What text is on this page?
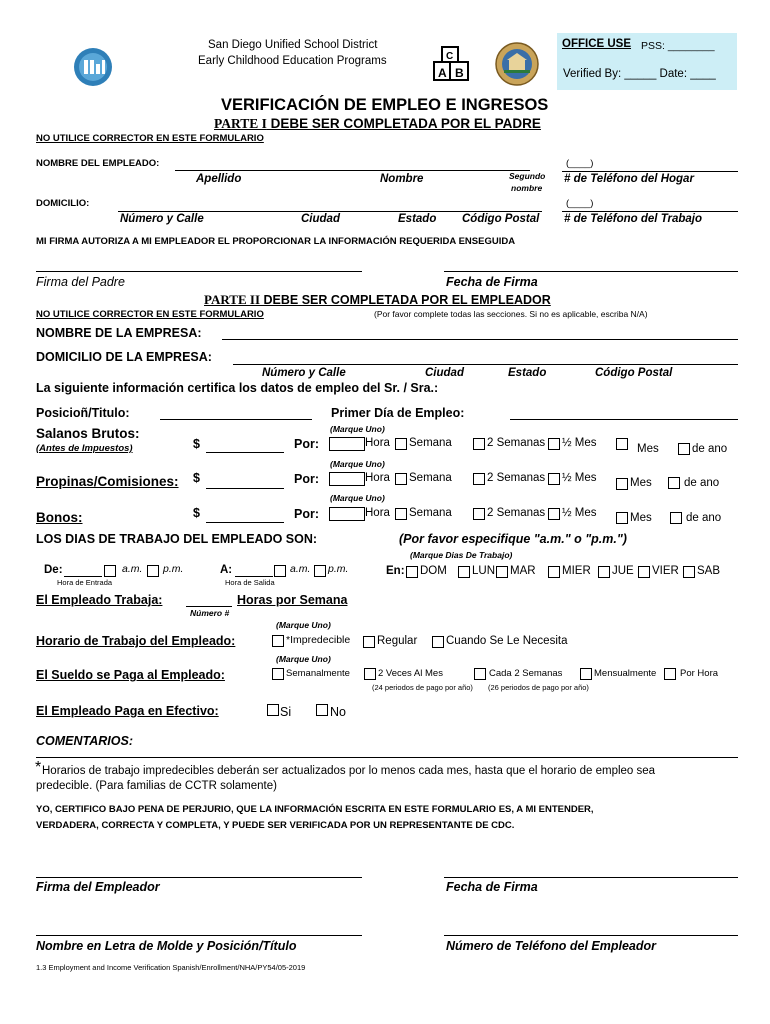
San Diego Unified School District
Early Childhood Education Programs
A B
C
OFFICE USE PSS: ________
Verified By: _____ Date: ____
VERIFICACIÓN DE EMPLEO E INGRESOS
PARTE I DEBE SER COMPLETADA POR EL PADRE
NO UTILICE CORRECTOR EN ESTE FORMULARIO
NOMBRE DEL EMPLEADO:	(____)
Apellido	Nombre	Segundo
nombre
# de Teléfono del Hogar
DOMICILIO:	(____)
Número y Calle	Ciudad	Estado Código Postal # de Teléfono del Trabajo
MI FIRMA AUTORIZA A MI EMPLEADOR EL PROPORCIONAR LA INFORMACIÓN REQUERIDA ENSEGUIDA
Firma del Padre	Fecha de Firma
PARTE II DEBE SER COMPLETADA POR EL EMPLEADOR
NO UTILICE CORRECTOR EN ESTE FORMULARIO	(Por favor complete todas las secciones. Si no es aplicable, escriba N/A)
NOMBRE DE LA EMPRESA:
DOMICILIO DE LA EMPRESA:
Número y Calle	Ciudad	Estado	Código Postal
La siguiente información certifica los datos de empleo del Sr. / Sra.:
Posicioñ/Titulo:	Primer Día de Empleo:
(Marque Uno)
Salanos Brutos:
(Antes de Impuestos)	$	Por:	Hora Semana	2 Semanas ½ Mes	Mes	de ano
(Marque Uno)
Propinas/Comisiones: $	Por:	Hora Semana	2 Semanas ½ Mes	Mes	de ano
(Marque Uno)
Bonos:	$	Por:	Hora Semana	2 Semanas ½ Mes	Mes	de ano
LOS DIAS DE TRABAJO DEL EMPLEADO SON:	(Por favor especifique "a.m." o "p.m.")
(Marque Dias De Trabajo)
De:	a.m. p.m.
Hora de Entrada
A:	a.m. p.m.
Hora de Salida
En: DOM LUN MAR MIER JUE VIER SAB
El Empleado Trabaja:	Horas por Semana
Número #
(Marque Uno)
Horario de Trabajo del Empleado:	*Impredecible Regular Cuando Se Le Necesita
(Marque Uno)
El Sueldo se Paga al Empleado:	Semanalmente	2 Veces Al Mes	Cada 2 Semanas	Mensualmente Por Hora
(24 periodos de pago por año) (26 periodos de pago por año)
El Empleado Paga en Efectivo:	Si	No
COMENTARIOS:
* Horarios de trabajo impredecibles deberán ser actualizados por lo menos cada mes, hasta que el horario de empleo sea
predecible. (Para familias de CCTR solamente)
YO, CERTIFICO BAJO PENA DE PERJURIO, QUE LA INFORMACIÓN ESCRITA EN ESTE FORMULARIO ES, A MI ENTENDER,
VERDADERA, CORRECTA Y COMPLETA, Y PUEDE SER VERIFICADA POR UN REPRESENTANTE DE CDC.
Firma del Empleador	Fecha de Firma
Nombre en Letra de Molde y Posición/Título	Número de Teléfono del Empleador
1.3 Employment and Income Verification Spanish/Enrollment/NHA/PY54/05-2019
